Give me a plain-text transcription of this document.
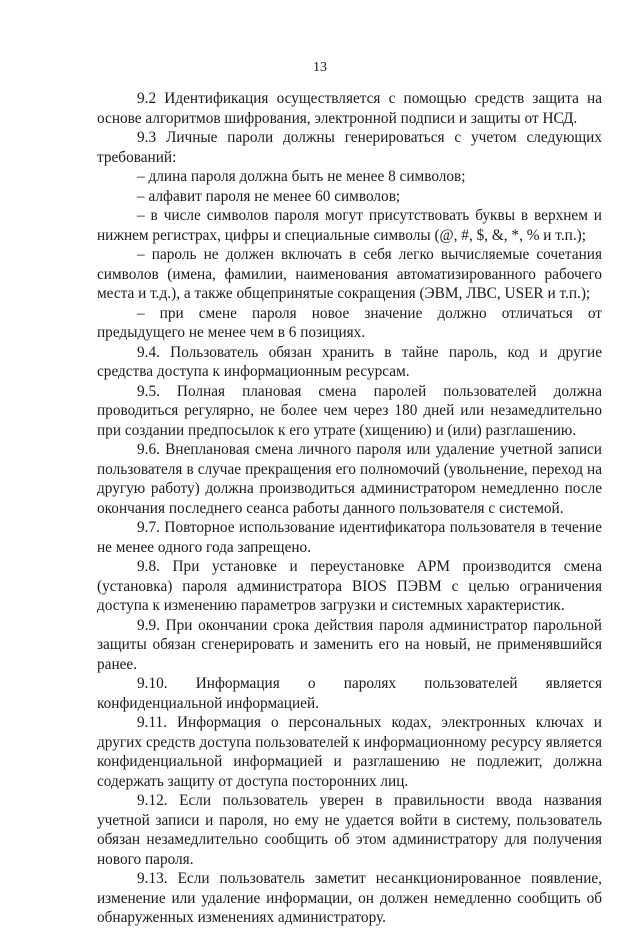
13

9.2 Идентификация осуществляется с помощью средств защита на основе алгоритмов шифрования, электронной подписи и защиты от НСД.

9.3 Личные пароли должны генерироваться с учетом следующих требований:

– длина пароля должна быть не менее 8 символов;

– алфавит пароля не менее 60 символов;

– в числе символов пароля могут присутствовать буквы в верхнем и нижнем регистрах, цифры и специальные символы (@, #, $, &, *, % и т.п.);

– пароль не должен включать в себя легко вычисляемые сочетания символов (имена, фамилии, наименования автоматизированного рабочего места и т.д.), а также общепринятые сокращения (ЭВМ, ЛВС, USER и т.п.);

– при смене пароля новое значение должно отличаться от предыдущего не менее чем в 6 позициях.

9.4. Пользователь обязан хранить в тайне пароль, код и другие средства доступа к информационным ресурсам.

9.5. Полная плановая смена паролей пользователей должна проводиться регулярно, не более чем через 180 дней или незамедлительно при создании предпосылок к его утрате (хищению) и (или) разглашению.

9.6. Внеплановая смена личного пароля или удаление учетной записи пользователя в случае прекращения его полномочий (увольнение, переход на другую работу) должна производиться администратором немедленно после окончания последнего сеанса работы данного пользователя с системой.

9.7. Повторное использование идентификатора пользователя в течение не менее одного года запрещено.

9.8. При установке и переустановке АРМ производится смена (установка) пароля администратора BIOS ПЭВМ с целью ограничения доступа к изменению параметров загрузки и системных характеристик.

9.9. При окончании срока действия пароля администратор парольной защиты обязан сгенерировать и заменить его на новый, не применявшийся ранее.

9.10. Информация о паролях пользователей является конфиденциальной информацией.

9.11. Информация о персональных кодах, электронных ключах и других средств доступа пользователей к информационному ресурсу является конфиденциальной информацией и разглашению не подлежит, должна содержать защиту от доступа посторонних лиц.

9.12. Если пользователь уверен в правильности ввода названия учетной записи и пароля, но ему не удается войти в систему, пользователь обязан незамедлительно сообщить об этом администратору для получения нового пароля.

9.13. Если пользователь заметит несанкционированное появление, изменение или удаление информации, он должен немедленно сообщить об обнаруженных изменениях администратору.
